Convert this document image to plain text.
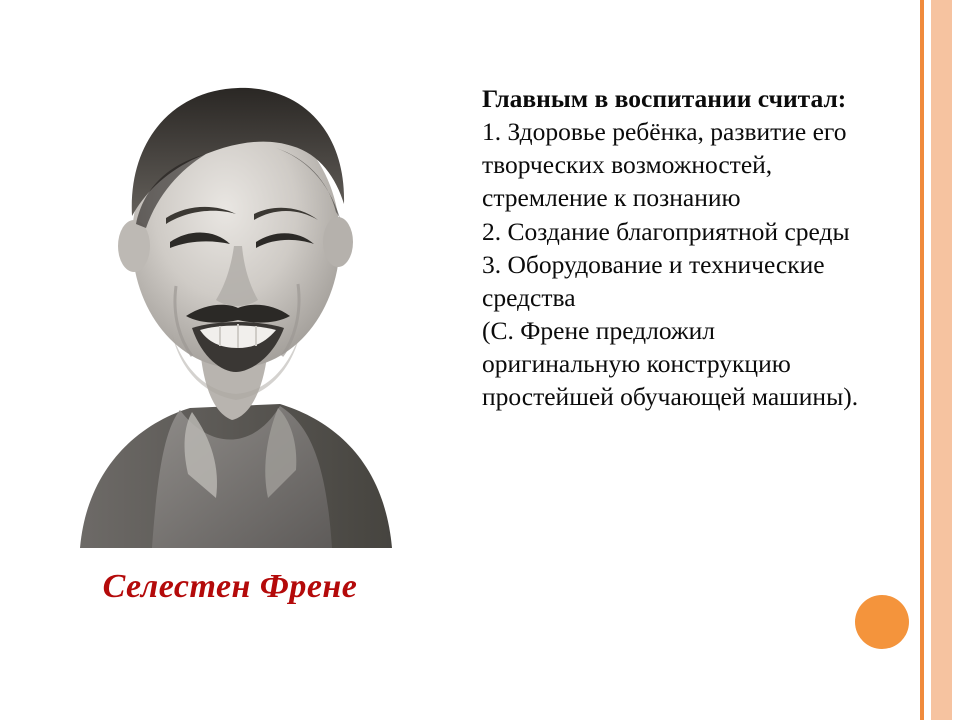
Селестен Френе

Главным в воспитании считал:

1. Здоровье ребёнка, развитие его творческих возможностей, стремление к познанию

2. Создание благоприятной среды

3. Оборудование и технические средства

(С. Френе предложил оригинальную конструкцию простейшей обучающей машины).
